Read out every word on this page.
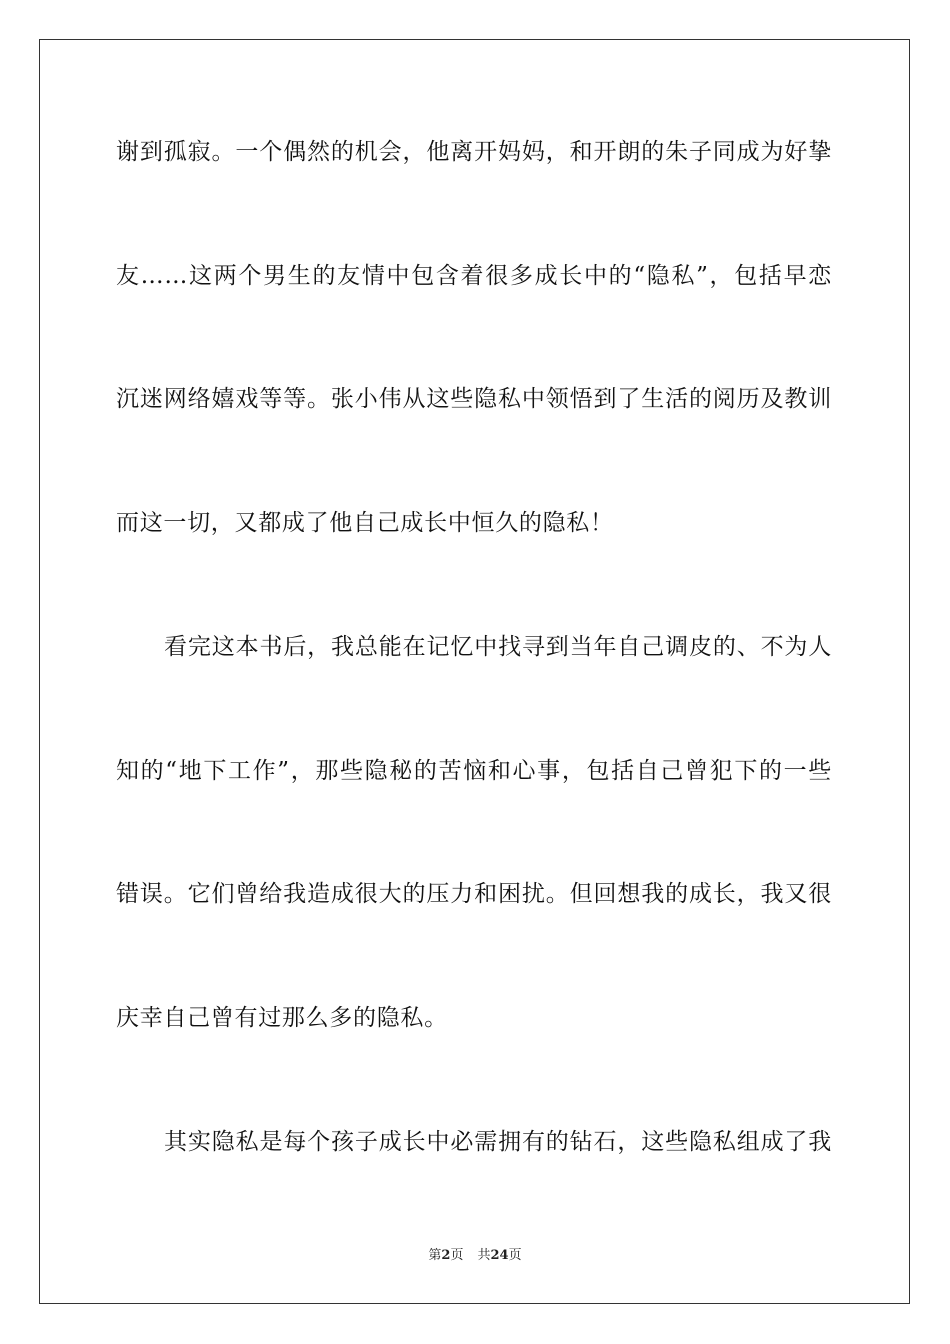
谢到孤寂。一个偶然的机会，他离开妈妈，和开朗的朱子同成为好挚
友……这两个男生的友情中包含着很多成长中的“隐私”，包括早恋
沉迷网络嬉戏等等。张小伟从这些隐私中领悟到了生活的阅历及教训
而这一切，又都成了他自己成长中恒久的隐私！
看完这本书后，我总能在记忆中找寻到当年自己调皮的、不为人
知的“地下工作”，那些隐秘的苦恼和心事，包括自己曾犯下的一些
错误。它们曾给我造成很大的压力和困扰。但回想我的成长，我又很
庆幸自己曾有过那么多的隐私。
其实隐私是每个孩子成长中必需拥有的钻石，这些隐私组成了我
第2页 共24页
